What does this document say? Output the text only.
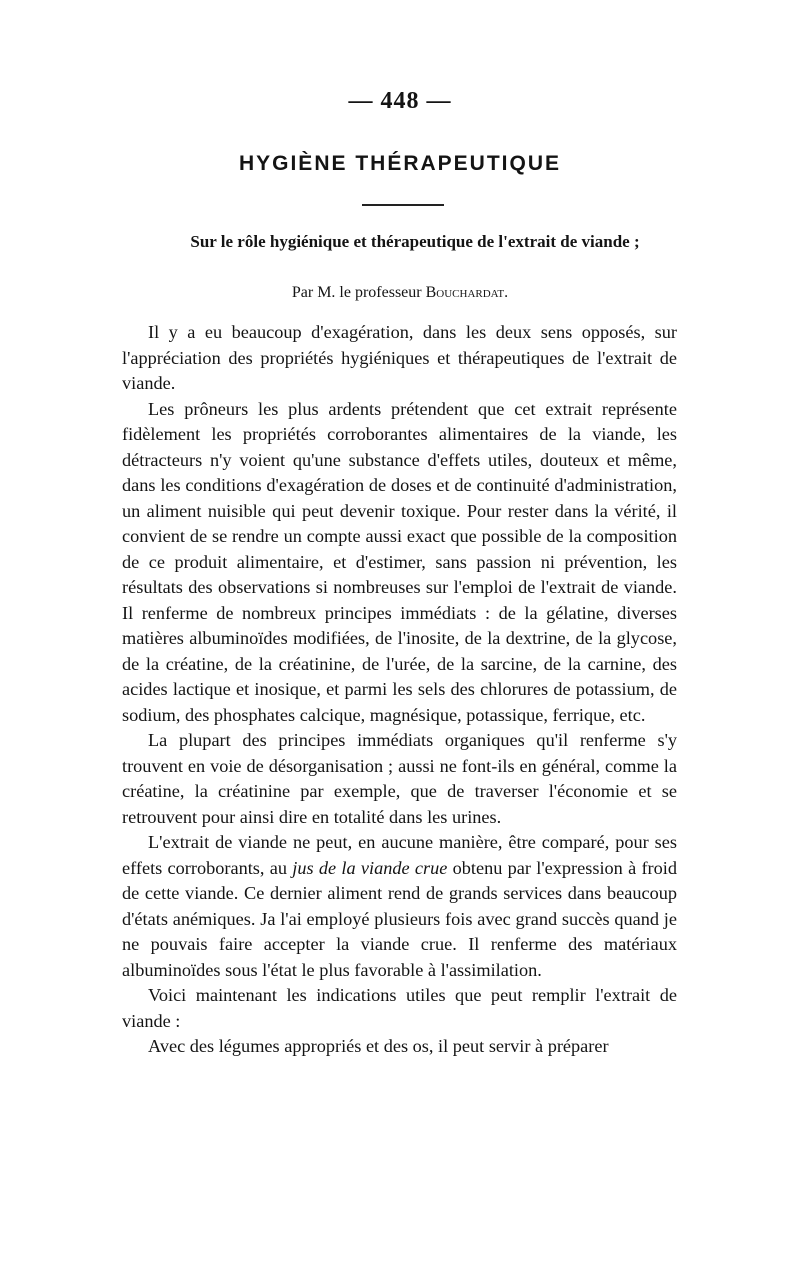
— 448 —
HYGIÈNE THÉRAPEUTIQUE
Sur le rôle hygiénique et thérapeutique de l'extrait de viande ;
Par M. le professeur Bouchardat.

Il y a eu beaucoup d'exagération, dans les deux sens opposés, sur l'appréciation des propriétés hygiéniques et thérapeutiques de l'extrait de viande.

Les prôneurs les plus ardents prétendent que cet extrait représente fidèlement les propriétés corroborantes alimentaires de la viande, les détracteurs n'y voient qu'une substance d'effets utiles, douteux et même, dans les conditions d'exagération de doses et de continuité d'administration, un aliment nuisible qui peut devenir toxique. Pour rester dans la vérité, il convient de se rendre un compte aussi exact que possible de la composition de ce produit alimentaire, et d'estimer, sans passion ni prévention, les résultats des observations si nombreuses sur l'emploi de l'extrait de viande. Il renferme de nombreux principes immédiats : de la gélatine, diverses matières albuminoïdes modifiées, de l'inosite, de la dextrine, de la glycose, de la créatine, de la créatinine, de l'urée, de la sarcine, de la carnine, des acides lactique et inosique, et parmi les sels des chlorures de potassium, de sodium, des phosphates calcique, magnésique, potassique, ferrique, etc.

La plupart des principes immédiats organiques qu'il renferme s'y trouvent en voie de désorganisation ; aussi ne font-ils en général, comme la créatine, la créatinine par exemple, que de traverser l'économie et se retrouvent pour ainsi dire en totalité dans les urines.

L'extrait de viande ne peut, en aucune manière, être comparé, pour ses effets corroborants, au jus de la viande crue obtenu par l'expression à froid de cette viande. Ce dernier aliment rend de grands services dans beaucoup d'états anémiques. Ja l'ai employé plusieurs fois avec grand succès quand je ne pouvais faire accepter la viande crue. Il renferme des matériaux albuminoïdes sous l'état le plus favorable à l'assimilation.

Voici maintenant les indications utiles que peut remplir l'extrait de viande :

Avec des légumes appropriés et des os, il peut servir à préparer
